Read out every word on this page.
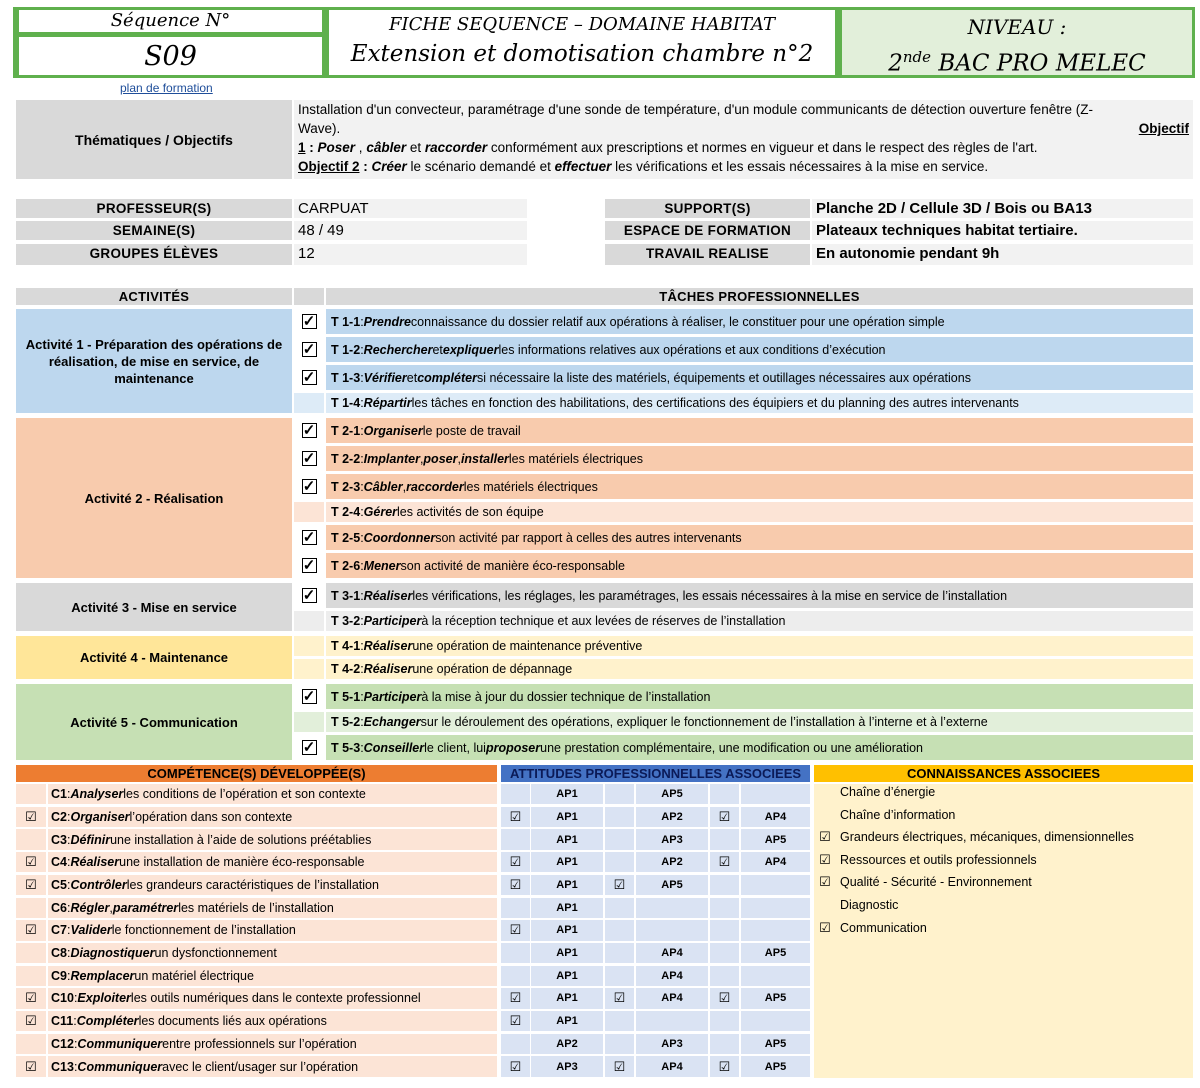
Séquence N°
S09
FICHE SEQUENCE – DOMAINE HABITAT
Extension et domotisation chambre n°2
NIVEAU :
2nde BAC PRO MELEC
plan de formation
Thématiques / Objectifs
Installation d'un convecteur, paramétrage d'une sonde de température, d'un module communicants de détection ouverture fenêtre (Z-
Wave).	Objectif
1 : Poser , câbler et raccorder conformément aux prescriptions et normes en vigueur et dans le respect des règles de l'art.
Objectif 2 : Créer le scénario demandé et effectuer les vérifications et les essais nécessaires à la mise en service.
PROFESSEUR(S)	CARPUAT
SEMAINE(S)	48 / 49
GROUPES ÉLÈVES	12
SUPPORT(S)	Planche 2D / Cellule 3D / Bois ou BA13
ESPACE DE FORMATION	Plateaux techniques habitat tertiaire.
TRAVAIL REALISE	En autonomie pendant 9h
ACTIVITÉS	TÂCHES PROFESSIONNELLES
Activité 1 - Préparation des opérations de réalisation, de mise en service, de maintenance
✓ T 1-1 : Prendre connaissance du dossier relatif aux opérations à réaliser, le constituer pour une opération simple
✓ T 1-2 : Rechercher et expliquer les informations relatives aux opérations et aux conditions d’exécution
✓ T 1-3 : Vérifier et compléter si nécessaire la liste des matériels, équipements et outillages nécessaires aux opérations
T 1-4 : Répartir les tâches en fonction des habilitations, des certifications des équipiers et du planning des autres intervenants
Activité 2 - Réalisation
✓ T 2-1 : Organiser le poste de travail
✓ T 2-2 : Implanter , poser , installer les matériels électriques
✓ T 2-3 : Câbler , raccorder les matériels électriques
T 2-4 : Gérer les activités de son équipe
✓ T 2-5 : Coordonner son activité par rapport à celles des autres intervenants
✓ T 2-6 : Mener son activité de manière éco-responsable
Activité 3 - Mise en service
✓ T 3-1 : Réaliser les vérifications, les réglages, les paramétrages, les essais nécessaires à la mise en service de l’installation
T 3-2 : Participer à la réception technique et aux levées de réserves de l’installation
Activité 4 - Maintenance
T 4-1 : Réaliser une opération de maintenance préventive
T 4-2 : Réaliser une opération de dépannage
Activité 5 - Communication
✓ T 5-1 : Participer à la mise à jour du dossier technique de l’installation
T 5-2 : Echanger sur le déroulement des opérations, expliquer le fonctionnement de l’installation à l’interne et à l’externe
✓ T 5-3 : Conseiller le client, lui proposer une prestation complémentaire, une modification ou une amélioration
COMPÉTENCE(S) DÉVELOPPÉE(S)	ATTITUDES PROFESSIONNELLES ASSOCIEES	CONNAISSANCES ASSOCIEES
C1 : Analyser les conditions de l’opération et son contexte	AP1	AP5
☑	C2 : Organiser l’opération dans son contexte	☑	AP1	AP2	☑	AP4
C3 : Définir une installation à l’aide de solutions préétablies	AP1	AP3	AP5
☑	C4 : Réaliser une installation de manière éco-responsable	☑	AP1	AP2	☑	AP4
☑	C5 : Contrôler les grandeurs caractéristiques de l’installation	☑	AP1	☑	AP5
C6 : Régler , paramétrer les matériels de l’installation	AP1
☑	C7 : Valider le fonctionnement de l’installation	☑	AP1
C8 : Diagnostiquer un dysfonctionnement	AP1	AP4	AP5
C9 : Remplacer un matériel électrique	AP1	AP4
☑	C10 : Exploiter les outils numériques dans le contexte professionnel	☑	AP1	☑	AP4	☑	AP5
☑	C11 : Compléter les documents liés aux opérations	☑	AP1
C12 : Communiquer entre professionnels sur l’opération	AP2	AP3	AP5
☑	C13 : Communiquer avec le client/usager sur l’opération	☑	AP3	☑	AP4	☑	AP5
Chaîne d’énergie
Chaîne d’information
☑ Grandeurs électriques, mécaniques, dimensionnelles
☑ Ressources et outils professionnels
☑ Qualité - Sécurité - Environnement
Diagnostic
☑ Communication
